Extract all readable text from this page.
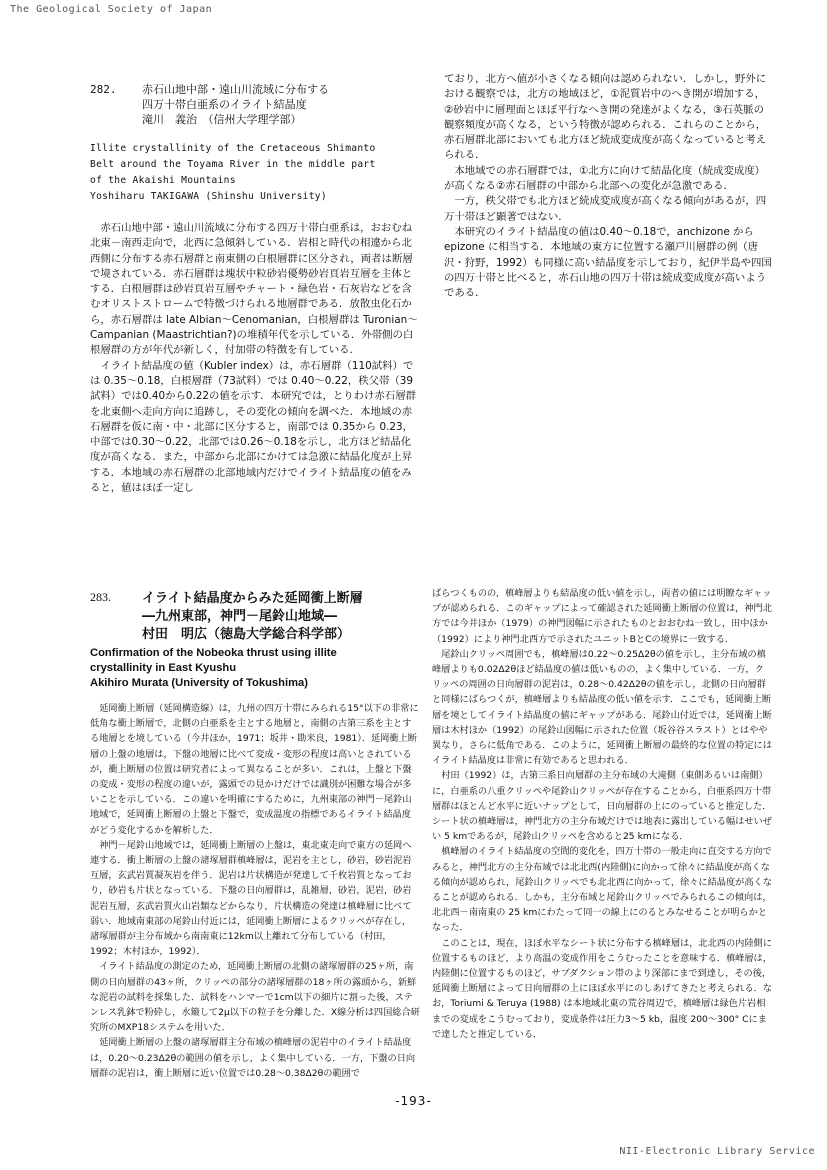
The Geological Society of Japan
282.	赤石山地中部・遠山川流域に分布する

四万十帯白亜系のイライト結晶度

滝川　義治　（信州大学理学部）

Illite crystallinity of the Cretaceous Shimanto

Belt around the Toyama River in the middle part

of the Akaishi Mountains

Yoshiharu TAKIGAWA (Shinshu University)

赤石山地中部・遠山川流域に分布する四万十帯白亜系は，おおむね北東－南西走向で，北西に急傾斜している．岩相と時代の相違から北西側に分布する赤石層群と南東側の白根層群に区分され，両者は断層で境されている．赤石層群は塊状中粒砂岩優勢砂岩頁岩互層を主体とする．白根層群は砂岩頁岩互層やチャート・緑色岩・石灰岩などを含むオリストストロームで特徴づけられる地層群である．放散虫化石から，赤石層群は late Albian～Cenomanian，白根層群は Turonian～Campanian (Maastrichtian?)の堆積年代を示している．外帯側の白根層群の方が年代が新しく，付加帯の特徴を有している．

イライト結晶度の値（Kubler index）は，赤石層群（110試料）では 0.35～0.18，白根層群（73試料）では 0.40～0.22，秩父帯（39試料）では0.40から0.22の値を示す．本研究では，とりわけ赤石層群を北東側へ走向方向に追跡し，その変化の傾向を調べた．本地域の赤石層群を仮に南・中・北部に区分すると，南部では 0.35から 0.23，中部では0.30～0.22，北部では0.26～0.18を示し，北方ほど結晶化度が高くなる．また，中部から北部にかけては急激に結晶化度が上昇する．本地域の赤石層群の北部地域内だけでイライト結晶度の値をみると，値はほぼ一定し

ており，北方へ値が小さくなる傾向は認められない．しかし，野外における観察では，北方の地域ほど，①泥質岩中のへき開が増加する，②砂岩中に層理面とほぼ平行なへき開の発達がよくなる，③石英脈の観察頻度が高くなる，という特徴が認められる．これらのことから，赤石層群北部においても北方ほど続成変成度が高くなっていると考えられる．

本地域での赤石層群では，①北方に向けて結晶化度（続成変成度）が高くなる②赤石層群の中部から北部への変化が急激である．

一方，秩父帯でも北方ほど続成変成度が高くなる傾向があるが，四万十帯ほど顕著ではない．

本研究のイライト結晶度の値は0.40～0.18で，anchizone から epizone に相当する．本地域の東方に位置する瀬戸川層群の例（唐沢・狩野，1992）も同様に高い結晶度を示しており，紀伊半島や四国の四万十帯と比べると，赤石山地の四万十帯は続成変成度が高いようである．

283.	イライト結晶度からみた延岡衝上断層

―九州東部，神門－尾鈴山地域―

村田　明広（徳島大学総合科学部）

Confirmation of the Nobeoka thrust using illite

crystallinity in East Kyushu

Akihiro Murata (University of Tokushima)

延岡衝上断層（延岡構造線）は，九州の四万十帯にみられる15°以下の非常に低角な衝上断層で，北側の白亜系を主とする地層と，南側の古第三系を主とする地層とを境している（今井ほか，1971；坂井・勘米良，1981）．延岡衝上断層の上盤の地層は，下盤の地層に比べて変成・変形の程度は高いとされているが，衝上断層の位置は研究者によって異なることが多い．これは，上盤と下盤の変成・変形の程度の違いが，露頭での見かけだけでは識別が困難な場合が多いことを示している．この違いを明確にするために，九州東部の神門－尾鈴山地域で，延岡衝上断層の上盤と下盤で，変成温度の指標であるイライト結晶度がどう変化するかを解析した．

神門－尾鈴山地域では，延岡衝上断層の上盤は，東北東走向で東方の延岡へ連する．衝上断層の上盤の諸塚層群槙峰層は，泥岩を主とし，砂岩，砂岩泥岩互層，玄武岩質凝灰岩を伴う．泥岩は片状構造が発達して千枚岩質となっており，砂岩も片状となっている．下盤の日向層群は，乱雑層，砂岩，泥岩，砂岩泥岩互層，玄武岩質火山岩類などからなり，片状構造の発達は槙峰層に比べて弱い．地域南東部の尾鈴山付近には，延岡衝上断層によるクリッペが存在し，諸塚層群が主分布域から南南東に12km以上離れて分布している（村田，1992；木村ほか，1992）．

イライト結晶度の測定のため，延岡衝上断層の北側の諸塚層群の25ヶ所，南側の日向層群の43ヶ所，クリッペの部分の諸塚層群の18ヶ所の露頭から，新鮮な泥岩の試料を採集した．試料をハンマーで1cm以下の細片に割った後，ステンレス乳鉢で粉砕し，水簸して2μ以下の粒子を分離した．X線分析は四国総合研究所のMXP18システムを用いた．

延岡衝上断層の上盤の諸塚層群主分布域の槙峰層の泥岩中のイライト結晶度は，0.20～0.23Δ2θの範囲の値を示し，よく集中している．一方，下盤の日向層群の泥岩は，衝上断層に近い位置では0.28～0.38Δ2θの範囲で

ばらつくものの，槙峰層よりも結晶度の低い値を示し，両者の値には明瞭なギャップが認められる．このギャップによって確認された延岡衝上断層の位置は，神門北方では今井ほか（1979）の神門図幅に示されたものとおおむね一致し，田中ほか（1992）により神門北西方で示されたユニットBとCの境界に一致する．

尾鈴山クリッペ周囲でも，槙峰層は0.22～0.25Δ2θの値を示し，主分布域の槙峰層よりも0.02Δ2θほど結晶度の値は低いものの，よく集中している．一方，クリッペの周囲の日向層群の泥岩は，0.28～0.42Δ2θの値を示し，北側の日向層群と同様にばらつくが，槙峰層よりも結晶度の低い値を示す．ここでも，延岡衝上断層を境としてイライト結晶度の値にギャップがある．尾鈴山付近では，延岡衝上断層は木村ほか（1992）の尾鈴山図幅に示された位置（坂谷谷スラスト）とはやや異なり，さらに低角である．このように，延岡衝上断層の最終的な位置の特定にはイライト結晶度は非常に有効であると思われる．

村田（1992）は，古第三系日向層群の主分布域の大滝側（東側あるいは南側）に，白亜系の八重クリッペや尾鈴山クリッペが存在することから，白亜系四万十帯層群はほとんど水平に近いナップとして，日向層群の上にのっていると推定した．シート状の槙峰層は，神門北方の主分布域だけでは地表に露出している幅はせいぜい 5 kmであるが，尾鈴山クリッペを含めると25 kmになる．

槙峰層のイライト結晶度の空間的変化を，四万十帯の一般走向に直交する方向でみると，神門北方の主分布域では北北西(内陸側)に向かって徐々に結晶度が高くなる傾向が認められ，尾鈴山クリッペでも北北西に向かって，徐々に結晶度が高くなることが認められる．しかも，主分布域と尾鈴山クリッペでみられるこの傾向は，北北西－南南東の 25 kmにわたって同一の線上にのるとみなせることが明らかとなった．

このことは，現在，ほぼ水平なシート状に分布する槙峰層は，北北西の内陸側に位置するものほど，より高温の変成作用をこうむったことを意味する．槙峰層は，内陸側に位置するものほど，サブダクション帯のより深部にまで到達し，その後，延岡衝上断層によって日向層群の上にほぼ水平にのしあげてきたと考えられる．なお，Toriumi & Teruya (1988) は本地域北東の荒谷周辺で，槙峰層は緑色片岩相までの変成をこうむっており，変成条件は圧力3～5 kb，温度 200～300° Cにまで達したと推定している．

-193-
NII-Electronic Library Service
